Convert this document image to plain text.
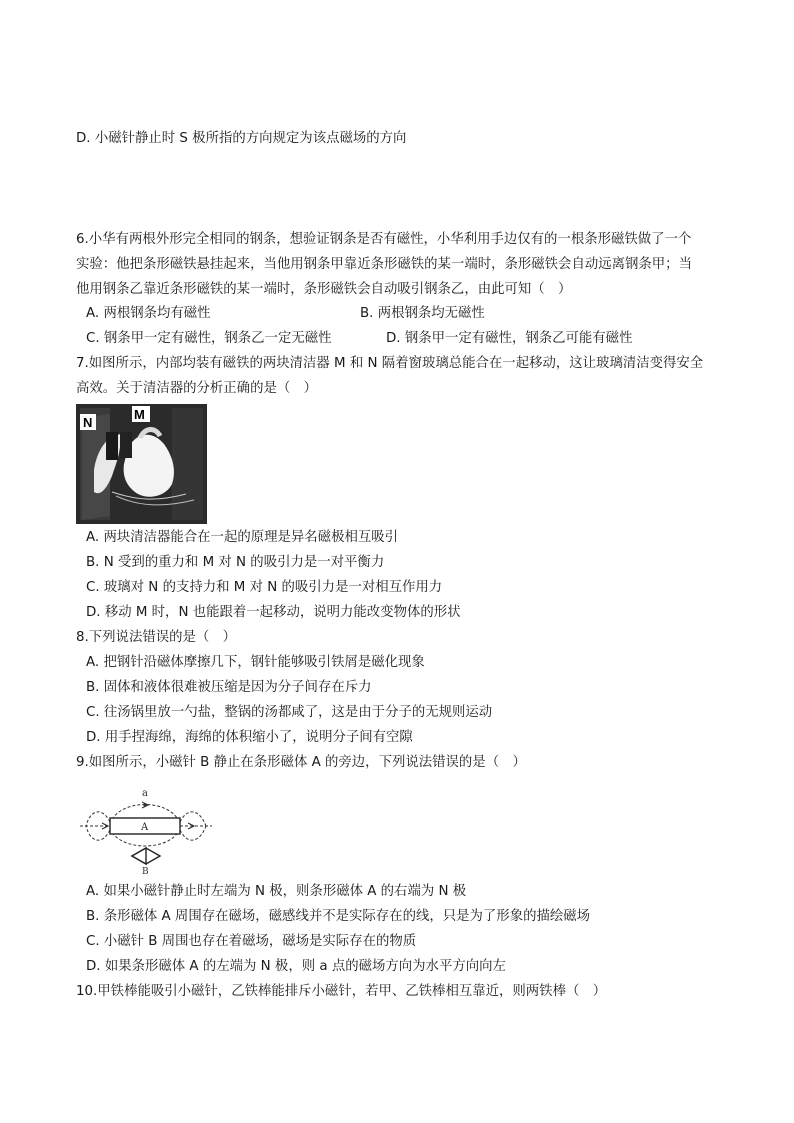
D. 小磁针静止时 S 极所指的方向规定为该点磁场的方向
6.小华有两根外形完全相同的钢条，想验证钢条是否有磁性，小华利用手边仅有的一根条形磁铁做了一个
实验：他把条形磁铁悬挂起来，当他用钢条甲靠近条形磁铁的某一端时，条形磁铁会自动远离钢条甲；当
他用钢条乙靠近条形磁铁的某一端时，条形磁铁会自动吸引钢条乙，由此可知（　）
A. 两根钢条均有磁性	B. 两根钢条均无磁性
C. 钢条甲一定有磁性，钢条乙一定无磁性	D. 钢条甲一定有磁性，钢条乙可能有磁性
7.如图所示，内部均装有磁铁的两块清洁器 M 和 N 隔着窗玻璃总能合在一起移动，这让玻璃清洁变得安全
高效。关于清洁器的分析正确的是（　）
N
M
A. 两块清洁器能合在一起的原理是异名磁极相互吸引
B. N 受到的重力和 M 对 N 的吸引力是一对平衡力
C. 玻璃对 N 的支持力和 M 对 N 的吸引力是一对相互作用力
D. 移动 M 时，N 也能跟着一起移动，说明力能改变物体的形状
8.下列说法错误的是（　）
A. 把钢针沿磁体摩擦几下，钢针能够吸引铁屑是磁化现象
B. 固体和液体很难被压缩是因为分子间存在斥力
C. 往汤锅里放一勺盐，整锅的汤都咸了，这是由于分子的无规则运动
D. 用手捏海绵，海绵的体积缩小了，说明分子间有空隙
9.如图所示，小磁针 B 静止在条形磁体 A 的旁边，下列说法错误的是（　）
a
A
B
A. 如果小磁针静止时左端为 N 极，则条形磁体 A 的右端为 N 极
B. 条形磁体 A 周围存在磁场，磁感线并不是实际存在的线，只是为了形象的描绘磁场
C. 小磁针 B 周围也存在着磁场，磁场是实际存在的物质
D. 如果条形磁体 A 的左端为 N 极，则 a 点的磁场方向为水平方向向左
10.甲铁棒能吸引小磁针，乙铁棒能排斥小磁针，若甲、乙铁棒相互靠近，则两铁棒（　）
